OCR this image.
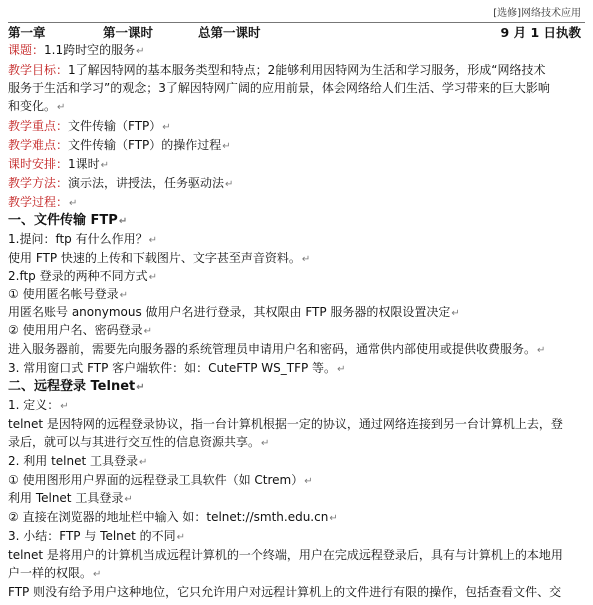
[选修]网络技术应用
第一章	第一课时	总第一课时	9 月 1 日执教
课题：1.1跨时空的服务↵
教学目标：1了解因特网的基本服务类型和特点；2能够利用因特网为生活和学习服务，形成“网络技术
服务于生活和学习”的观念；3了解因特网广阔的应用前景，体会网络给人们生活、学习带来的巨大影响
和变化。↵
教学重点：文件传输（FTP）↵
教学难点：文件传输（FTP）的操作过程↵
课时安排：1课时↵
教学方法：演示法，讲授法，任务驱动法↵
教学过程：↵
一、文件传输 FTP↵
1.提问：ftp 有什么作用？↵
使用 FTP 快速的上传和下载图片、文字甚至声音资料。↵
2.ftp 登录的两种不同方式↵
① 使用匿名帐号登录↵
用匿名账号 anonymous 做用户名进行登录，其权限由 FTP 服务器的权限设置决定↵
② 使用用户名、密码登录↵
进入服务器前，需要先向服务器的系统管理员申请用户名和密码，通常供内部使用或提供收费服务。↵
3. 常用窗口式 FTP 客户端软件：如：CuteFTP WS_TFP 等。↵
二、远程登录 Telnet↵
1. 定义：↵
telnet 是因特网的远程登录协议，指一台计算机根据一定的协议，通过网络连接到另一台计算机上去，登
录后，就可以与其进行交互性的信息资源共享。↵
2. 利用 telnet 工具登录↵
① 使用图形用户界面的远程登录工具软件（如 Ctrem）↵
利用 Telnet 工具登录↵
② 直接在浏览器的地址栏中输入 如：telnet://smth.edu.cn↵
3. 小结：FTP 与 Telnet 的不同↵
telnet 是将用户的计算机当成远程计算机的一个终端，用户在完成远程登录后，具有与计算机上的本地用
户一样的权限。↵
FTP 则没有给予用户这种地位，它只允许用户对远程计算机上的文件进行有限的操作，包括查看文件、交
